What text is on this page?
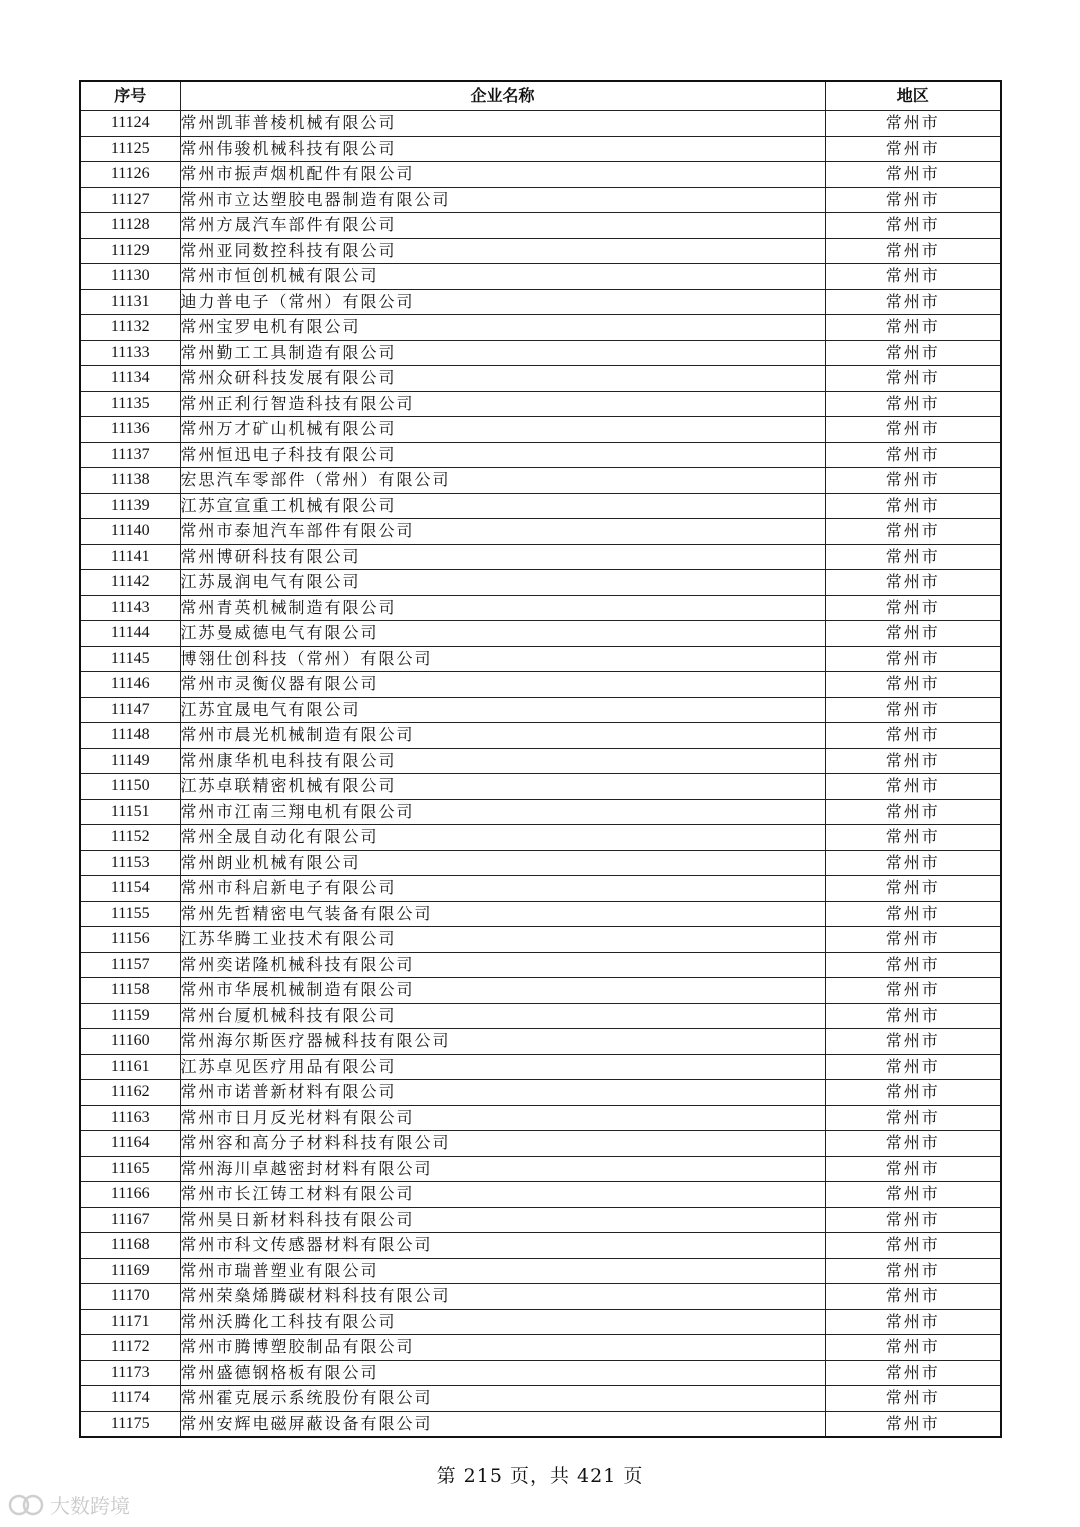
序号	企业名称	地区
11124	常州凯菲普棱机械有限公司	常州市
11125	常州伟骏机械科技有限公司	常州市
11126	常州市振声烟机配件有限公司	常州市
11127	常州市立达塑胶电器制造有限公司	常州市
11128	常州方晟汽车部件有限公司	常州市
11129	常州亚同数控科技有限公司	常州市
11130	常州市恒创机械有限公司	常州市
11131	迪力普电子（常州）有限公司	常州市
11132	常州宝罗电机有限公司	常州市
11133	常州勤工工具制造有限公司	常州市
11134	常州众研科技发展有限公司	常州市
11135	常州正利行智造科技有限公司	常州市
11136	常州万才矿山机械有限公司	常州市
11137	常州恒迅电子科技有限公司	常州市
11138	宏思汽车零部件（常州）有限公司	常州市
11139	江苏宣宣重工机械有限公司	常州市
11140	常州市泰旭汽车部件有限公司	常州市
11141	常州博研科技有限公司	常州市
11142	江苏晟润电气有限公司	常州市
11143	常州青英机械制造有限公司	常州市
11144	江苏曼威德电气有限公司	常州市
11145	博翎仕创科技（常州）有限公司	常州市
11146	常州市灵衡仪器有限公司	常州市
11147	江苏宜晟电气有限公司	常州市
11148	常州市晨光机械制造有限公司	常州市
11149	常州康华机电科技有限公司	常州市
11150	江苏卓联精密机械有限公司	常州市
11151	常州市江南三翔电机有限公司	常州市
11152	常州全晟自动化有限公司	常州市
11153	常州朗业机械有限公司	常州市
11154	常州市科启新电子有限公司	常州市
11155	常州先哲精密电气装备有限公司	常州市
11156	江苏华腾工业技术有限公司	常州市
11157	常州奕诺隆机械科技有限公司	常州市
11158	常州市华展机械制造有限公司	常州市
11159	常州台厦机械科技有限公司	常州市
11160	常州海尔斯医疗器械科技有限公司	常州市
11161	江苏卓见医疗用品有限公司	常州市
11162	常州市诺普新材料有限公司	常州市
11163	常州市日月反光材料有限公司	常州市
11164	常州容和高分子材料科技有限公司	常州市
11165	常州海川卓越密封材料有限公司	常州市
11166	常州市长江铸工材料有限公司	常州市
11167	常州昊日新材料科技有限公司	常州市
11168	常州市科文传感器材料有限公司	常州市
11169	常州市瑞普塑业有限公司	常州市
11170	常州荣燊烯腾碳材料科技有限公司	常州市
11171	常州沃腾化工科技有限公司	常州市
11172	常州市腾博塑胶制品有限公司	常州市
11173	常州盛德钢格板有限公司	常州市
11174	常州霍克展示系统股份有限公司	常州市
11175	常州安辉电磁屏蔽设备有限公司	常州市
第 215 页，共 421 页
大数跨境
